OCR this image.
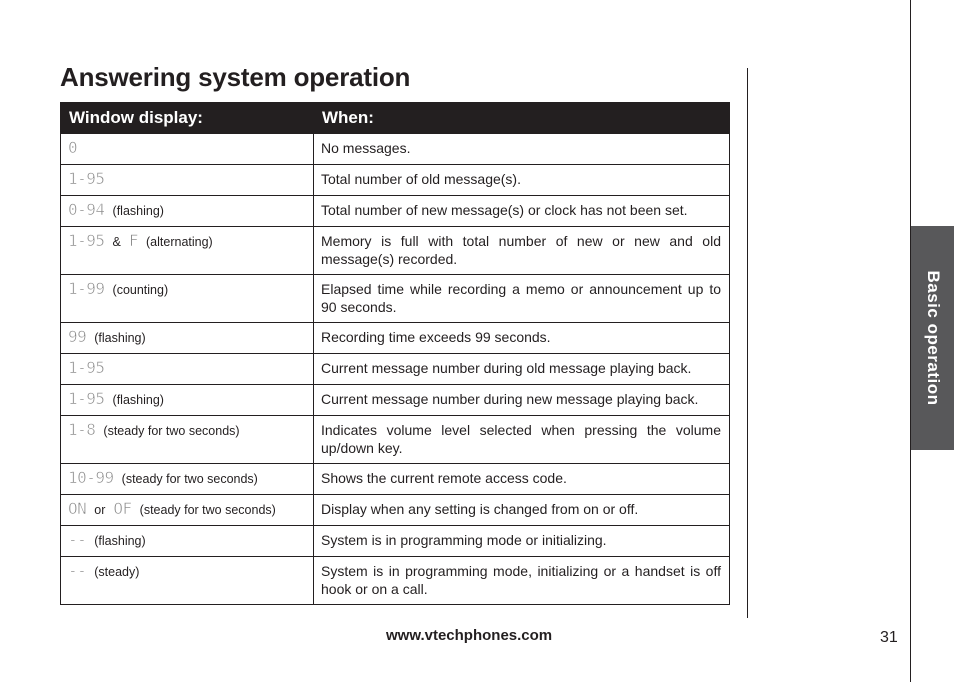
Answering system operation
Basic operation
Window display:	When:
0	No messages.
1-95	Total number of old message(s).
0-94 (flashing)	Total number of new message(s) or clock has not been set.
1-95 & F (alternating)	Memory is full with total number of new or new and old message(s) recorded.
1-99 (counting)	Elapsed time while recording a memo or announcement up to 90 seconds.
99 (flashing)	Recording time exceeds 99 seconds.
1-95	Current message number during old message playing back.
1-95 (flashing)	Current message number during new message playing back.
1-8 (steady for two seconds)	Indicates volume level selected when pressing the volume up/down key.
10-99 (steady for two seconds)	Shows the current remote access code.
ON or OF (steady for two seconds)	Display when any setting is changed from on or off.
-- (flashing)	System is in programming mode or initializing.
-- (steady)	System is in programming mode, initializing or a handset is off hook or on a call.
www.vtechphones.com	31
